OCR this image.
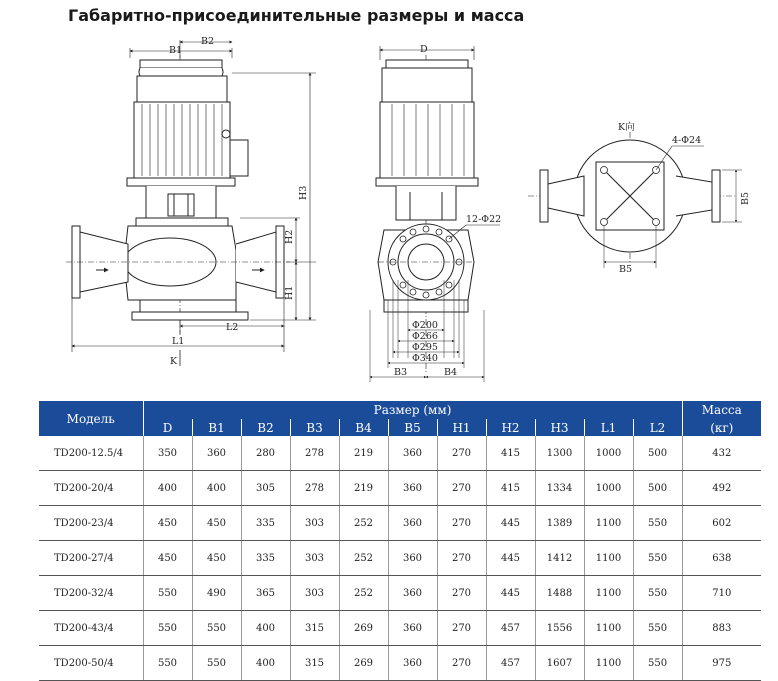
Габаритно-присоединительные размеры и масса
B1
B2
H3
H2
H1
L2
L1
K
D
12-Φ22
Φ200
Φ266
Φ295
Φ340
B3	B4
K向
4-Φ24
B5
B5
Модель	Размер (мм)											Масса
	D	B1	B2	B3	B4	B5	H1	H2	H3	L1	L2	(кг)
TD200-12.5/4	350	360	280	278	219	360	270	415	1300	1000	500	432
TD200-20/4	400	400	305	278	219	360	270	415	1334	1000	500	492
TD200-23/4	450	450	335	303	252	360	270	445	1389	1100	550	602
TD200-27/4	450	450	335	303	252	360	270	445	1412	1100	550	638
TD200-32/4	550	490	365	303	252	360	270	445	1488	1100	550	710
TD200-43/4	550	550	400	315	269	360	270	457	1556	1100	550	883
TD200-50/4	550	550	400	315	269	360	270	457	1607	1100	550	975
